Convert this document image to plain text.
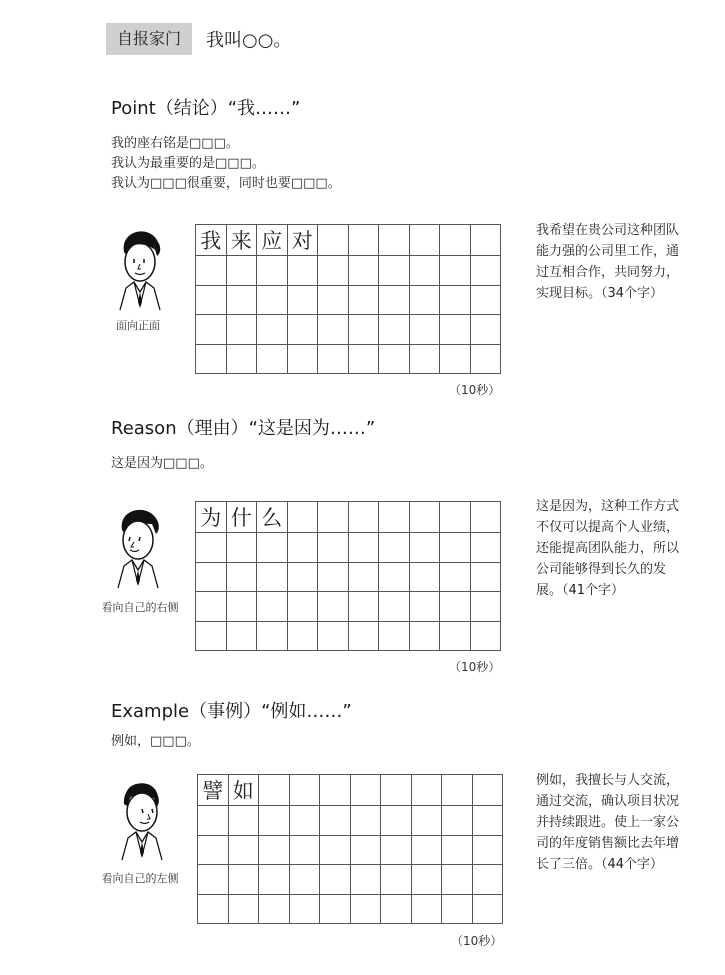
自报家门	我叫○○。
Point（结论）“我……”
我的座右铭是□□□。
我认为最重要的是□□□。
我认为□□□很重要，同时也要□□□。
面向正面
我	来	应	对						

（10秒）
我希望在贵公司这种团队能力强的公司里工作，通过互相合作，共同努力，实现目标。（34个字）
Reason（理由）“这是因为……”
这是因为□□□。
看向自己的右侧
为	什	么							

（10秒）
这是因为，这种工作方式不仅可以提高个人业绩，还能提高团队能力，所以公司能够得到长久的发展。（41个字）
Example（事例）“例如……”
例如，□□□。
看向自己的左侧
譬	如								

（10秒）
例如，我擅长与人交流，通过交流，确认项目状况并持续跟进。使上一家公司的年度销售额比去年增长了三倍。（44个字）
